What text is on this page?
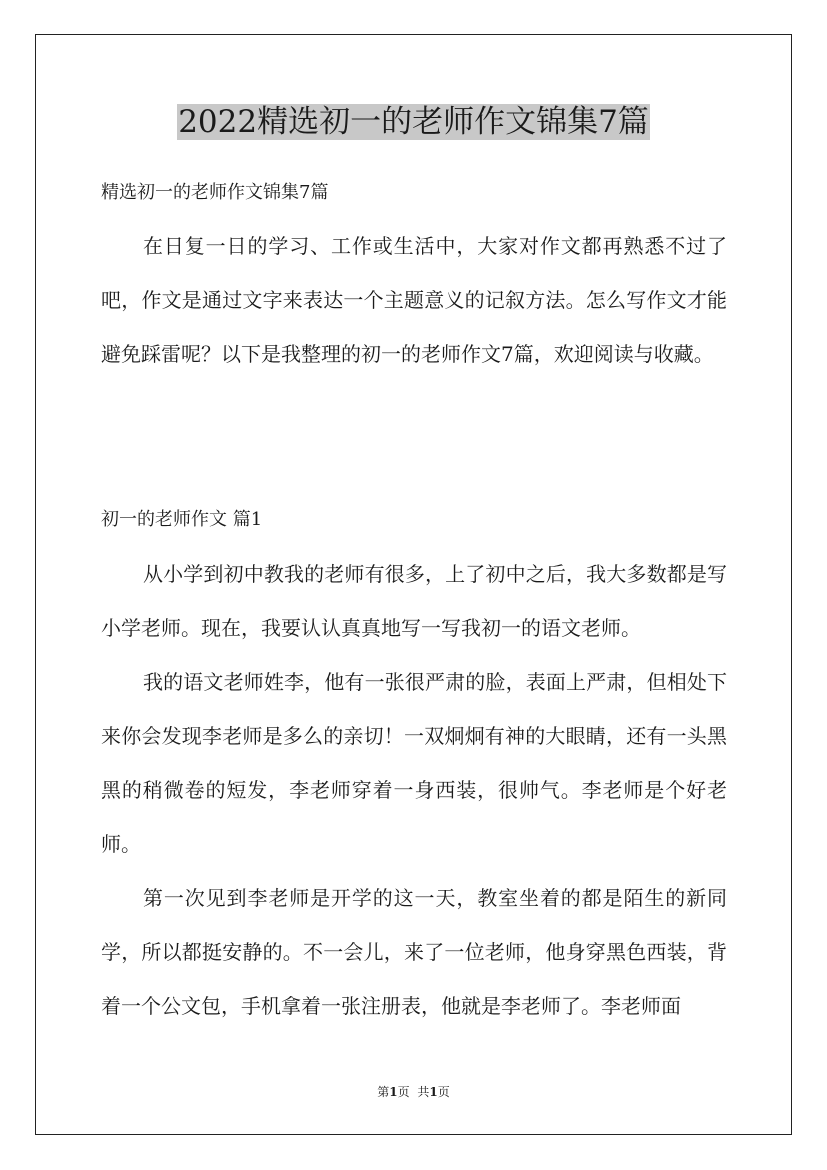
2022精选初一的老师作文锦集7篇

精选初一的老师作文锦集7篇

在日复一日的学习、工作或生活中，大家对作文都再熟悉不过了吧，作文是通过文字来表达一个主题意义的记叙方法。怎么写作文才能避免踩雷呢？以下是我整理的初一的老师作文7篇，欢迎阅读与收藏。

初一的老师作文 篇1

从小学到初中教我的老师有很多，上了初中之后，我大多数都是写小学老师。现在，我要认认真真地写一写我初一的语文老师。

我的语文老师姓李，他有一张很严肃的脸，表面上严肃，但相处下来你会发现李老师是多么的亲切！一双炯炯有神的大眼睛，还有一头黑黑的稍微卷的短发，李老师穿着一身西装，很帅气。李老师是个好老师。

第一次见到李老师是开学的这一天，教室坐着的都是陌生的新同学，所以都挺安静的。不一会儿，来了一位老师，他身穿黑色西装，背着一个公文包，手机拿着一张注册表，他就是李老师了。李老师面
第1页 共1页
